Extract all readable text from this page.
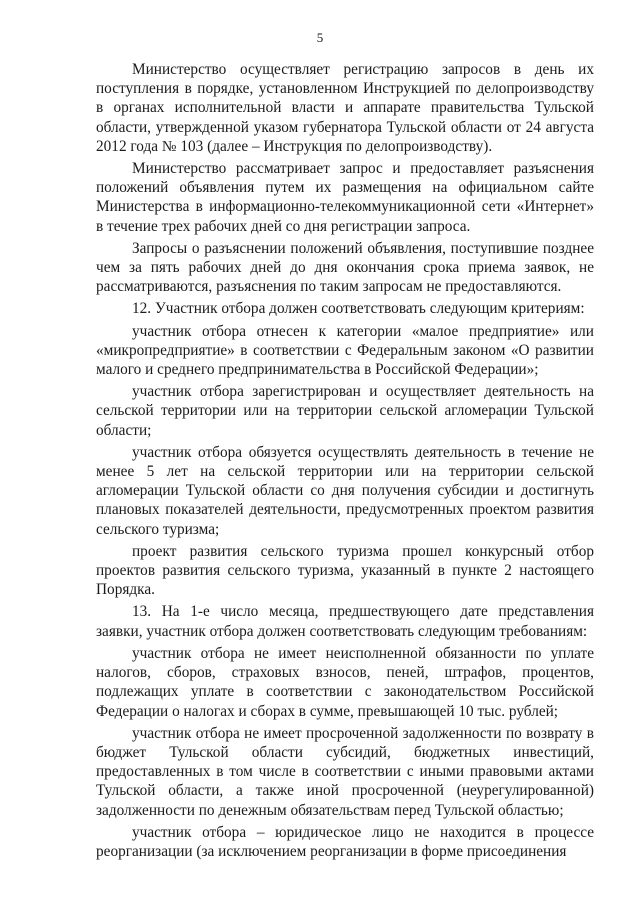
5

Министерство осуществляет регистрацию запросов в день их поступления в порядке, установленном Инструкцией по делопроизводству в органах исполнительной власти и аппарате правительства Тульской области, утвержденной указом губернатора Тульской области от 24 августа 2012 года № 103 (далее – Инструкция по делопроизводству).

Министерство рассматривает запрос и предоставляет разъяснения положений объявления путем их размещения на официальном сайте Министерства в информационно-телекоммуникационной сети «Интернет» в течение трех рабочих дней со дня регистрации запроса.

Запросы о разъяснении положений объявления, поступившие позднее чем за пять рабочих дней до дня окончания срока приема заявок, не рассматриваются, разъяснения по таким запросам не предоставляются.

12. Участник отбора должен соответствовать следующим критериям:

участник отбора отнесен к категории «малое предприятие» или «микропредприятие» в соответствии с Федеральным законом «О развитии малого и среднего предпринимательства в Российской Федерации»;

участник отбора зарегистрирован и осуществляет деятельность на сельской территории или на территории сельской агломерации Тульской области;

участник отбора обязуется осуществлять деятельность в течение не менее 5 лет на сельской территории или на территории сельской агломерации Тульской области со дня получения субсидии и достигнуть плановых показателей деятельности, предусмотренных проектом развития сельского туризма;

проект развития сельского туризма прошел конкурсный отбор проектов развития сельского туризма, указанный в пункте 2 настоящего Порядка.

13. На 1-е число месяца, предшествующего дате представления заявки, участник отбора должен соответствовать следующим требованиям:

участник отбора не имеет неисполненной обязанности по уплате налогов, сборов, страховых взносов, пеней, штрафов, процентов, подлежащих уплате в соответствии с законодательством Российской Федерации о налогах и сборах в сумме, превышающей 10 тыс. рублей;

участник отбора не имеет просроченной задолженности по возврату в бюджет Тульской области субсидий, бюджетных инвестиций, предоставленных в том числе в соответствии с иными правовыми актами Тульской области, а также иной просроченной (неурегулированной) задолженности по денежным обязательствам перед Тульской областью;

участник отбора – юридическое лицо не находится в процессе реорганизации (за исключением реорганизации в форме присоединения
